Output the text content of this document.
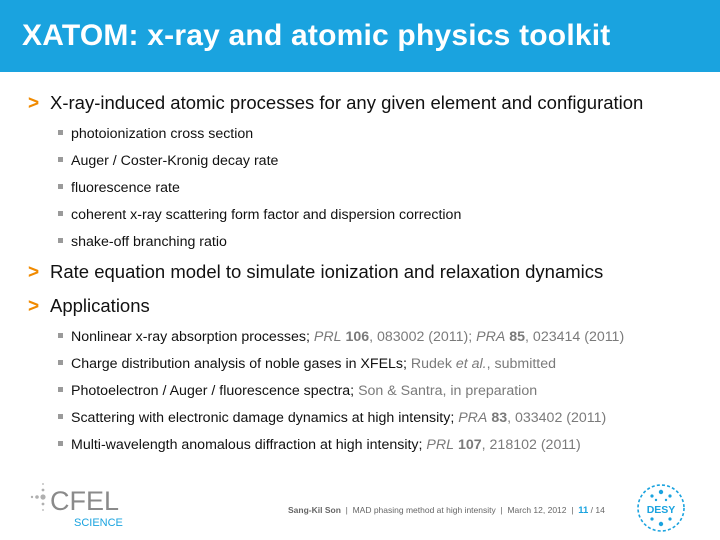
XATOM: x-ray and atomic physics toolkit
> X-ray-induced atomic processes for any given element and configuration
photoionization cross section
Auger / Coster-Kronig decay rate
fluorescence rate
coherent x-ray scattering form factor and dispersion correction
shake-off branching ratio
> Rate equation model to simulate ionization and relaxation dynamics
> Applications
Nonlinear x-ray absorption processes; PRL 106, 083002 (2011); PRA 85, 023414 (2011)
Charge distribution analysis of noble gases in XFELs; Rudek et al., submitted
Photoelectron / Auger / fluorescence spectra; Son & Santra, in preparation
Scattering with electronic damage dynamics at high intensity; PRA 83, 033402 (2011)
Multi-wavelength anomalous diffraction at high intensity; PRL 107, 218102 (2011)
CFEL
SCIENCE
Sang-Kil Son | MAD phasing method at high intensity | March 12, 2012 | 11 / 14	DESY
